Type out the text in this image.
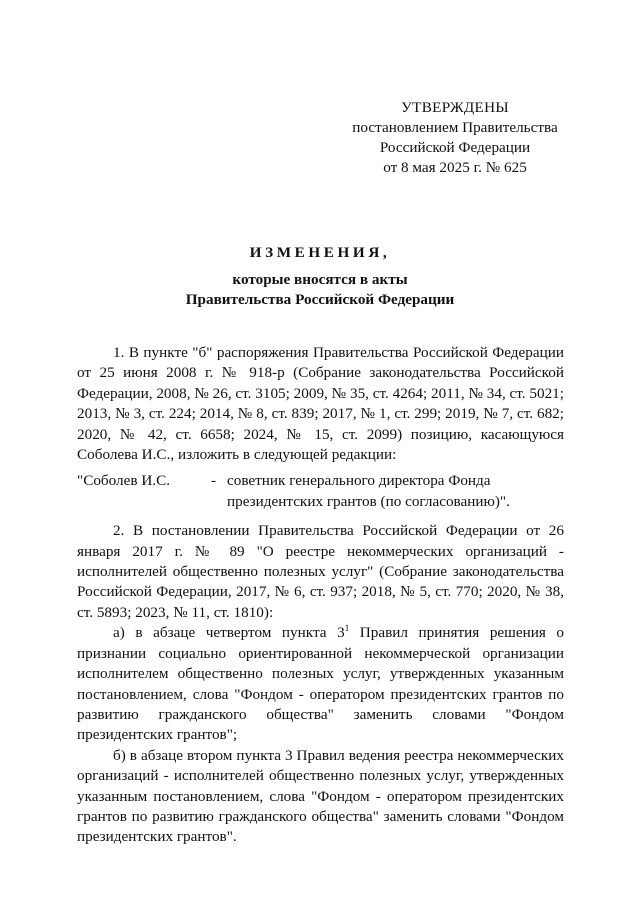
УТВЕРЖДЕНЫ
постановлением Правительства
Российской Федерации
от 8 мая 2025 г. № 625
ИЗМЕНЕНИЯ,
которые вносятся в акты
Правительства Российской Федерации

1. В пункте "б" распоряжения Правительства Российской Федерации от 25 июня 2008 г. № 918-р (Собрание законодательства Российской Федерации, 2008, № 26, ст. 3105; 2009, № 35, ст. 4264; 2011, № 34, ст. 5021; 2013, № 3, ст. 224; 2014, № 8, ст. 839; 2017, № 1, ст. 299; 2019, № 7, ст. 682; 2020, № 42, ст. 6658; 2024, № 15, ст. 2099) позицию, касающуюся Соболева И.С., изложить в следующей редакции:

"Соболев И.С.	- советник генерального директора Фонда президентских грантов (по согласованию)".

2. В постановлении Правительства Российской Федерации от 26 января 2017 г. № 89 "О реестре некоммерческих организаций - исполнителей общественно полезных услуг" (Собрание законодательства Российской Федерации, 2017, № 6, ст. 937; 2018, № 5, ст. 770; 2020, № 38, ст. 5893; 2023, № 11, ст. 1810):

а) в абзаце четвертом пункта $3^1$ Правил принятия решения о признании социально ориентированной некоммерческой организации исполнителем общественно полезных услуг, утвержденных указанным постановлением, слова "Фондом - оператором президентских грантов по развитию гражданского общества" заменить словами "Фондом президентских грантов";

б) в абзаце втором пункта 3 Правил ведения реестра некоммерческих организаций - исполнителей общественно полезных услуг, утвержденных указанным постановлением, слова "Фондом - оператором президентских грантов по развитию гражданского общества" заменить словами "Фондом президентских грантов".
